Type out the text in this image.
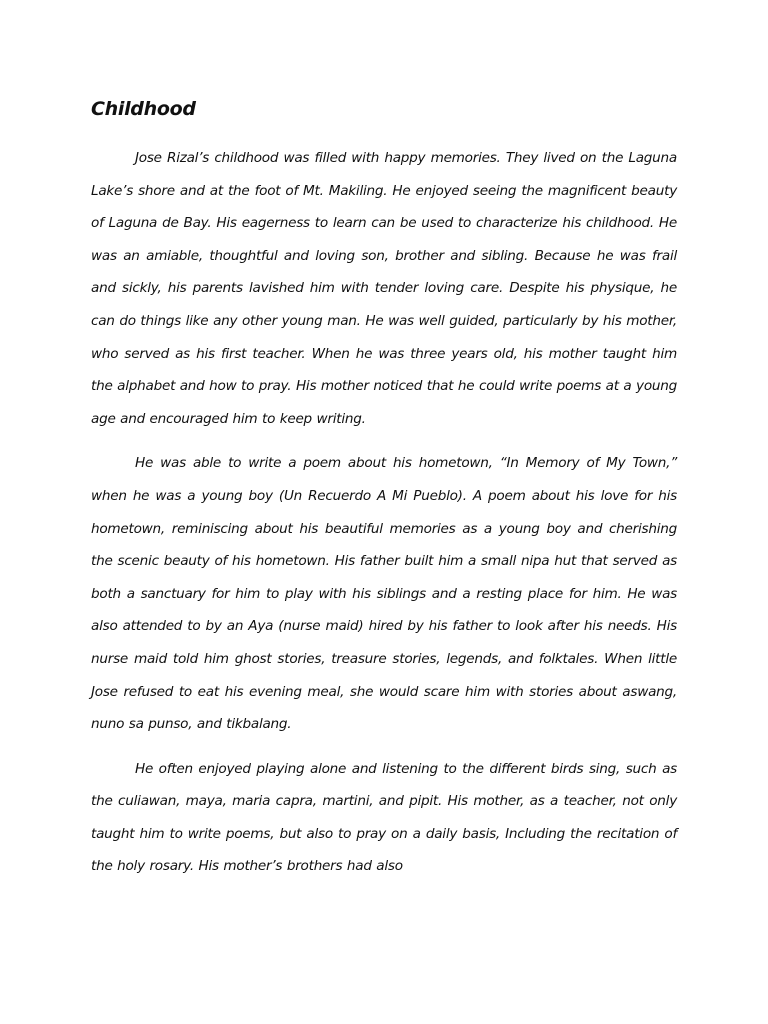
Childhood

Jose Rizal’s childhood was filled with happy memories. They lived on the Laguna Lake’s shore and at the foot of Mt. Makiling. He enjoyed seeing the magnificent beauty of Laguna de Bay. His eagerness to learn can be used to characterize his childhood. He was an amiable, thoughtful and loving son, brother and sibling. Because he was frail and sickly, his parents lavished him with tender loving care. Despite his physique, he can do things like any other young man. He was well guided, particularly by his mother, who served as his first teacher. When he was three years old, his mother taught him the alphabet and how to pray. His mother noticed that he could write poems at a young age and encouraged him to keep writing.

He was able to write a poem about his hometown, “In Memory of My Town,” when he was a young boy (Un Recuerdo A Mi Pueblo). A poem about his love for his hometown, reminiscing about his beautiful memories as a young boy and cherishing the scenic beauty of his hometown. His father built him a small nipa hut that served as both a sanctuary for him to play with his siblings and a resting place for him. He was also attended to by an Aya (nurse maid) hired by his father to look after his needs. His nurse maid told him ghost stories, treasure stories, legends, and folktales. When little Jose refused to eat his evening meal, she would scare him with stories about aswang, nuno sa punso, and tikbalang.

He often enjoyed playing alone and listening to the different birds sing, such as the culiawan, maya, maria capra, martini, and pipit. His mother, as a teacher, not only taught him to write poems, but also to pray on a daily basis, Including the recitation of the holy rosary. His mother’s brothers had also
